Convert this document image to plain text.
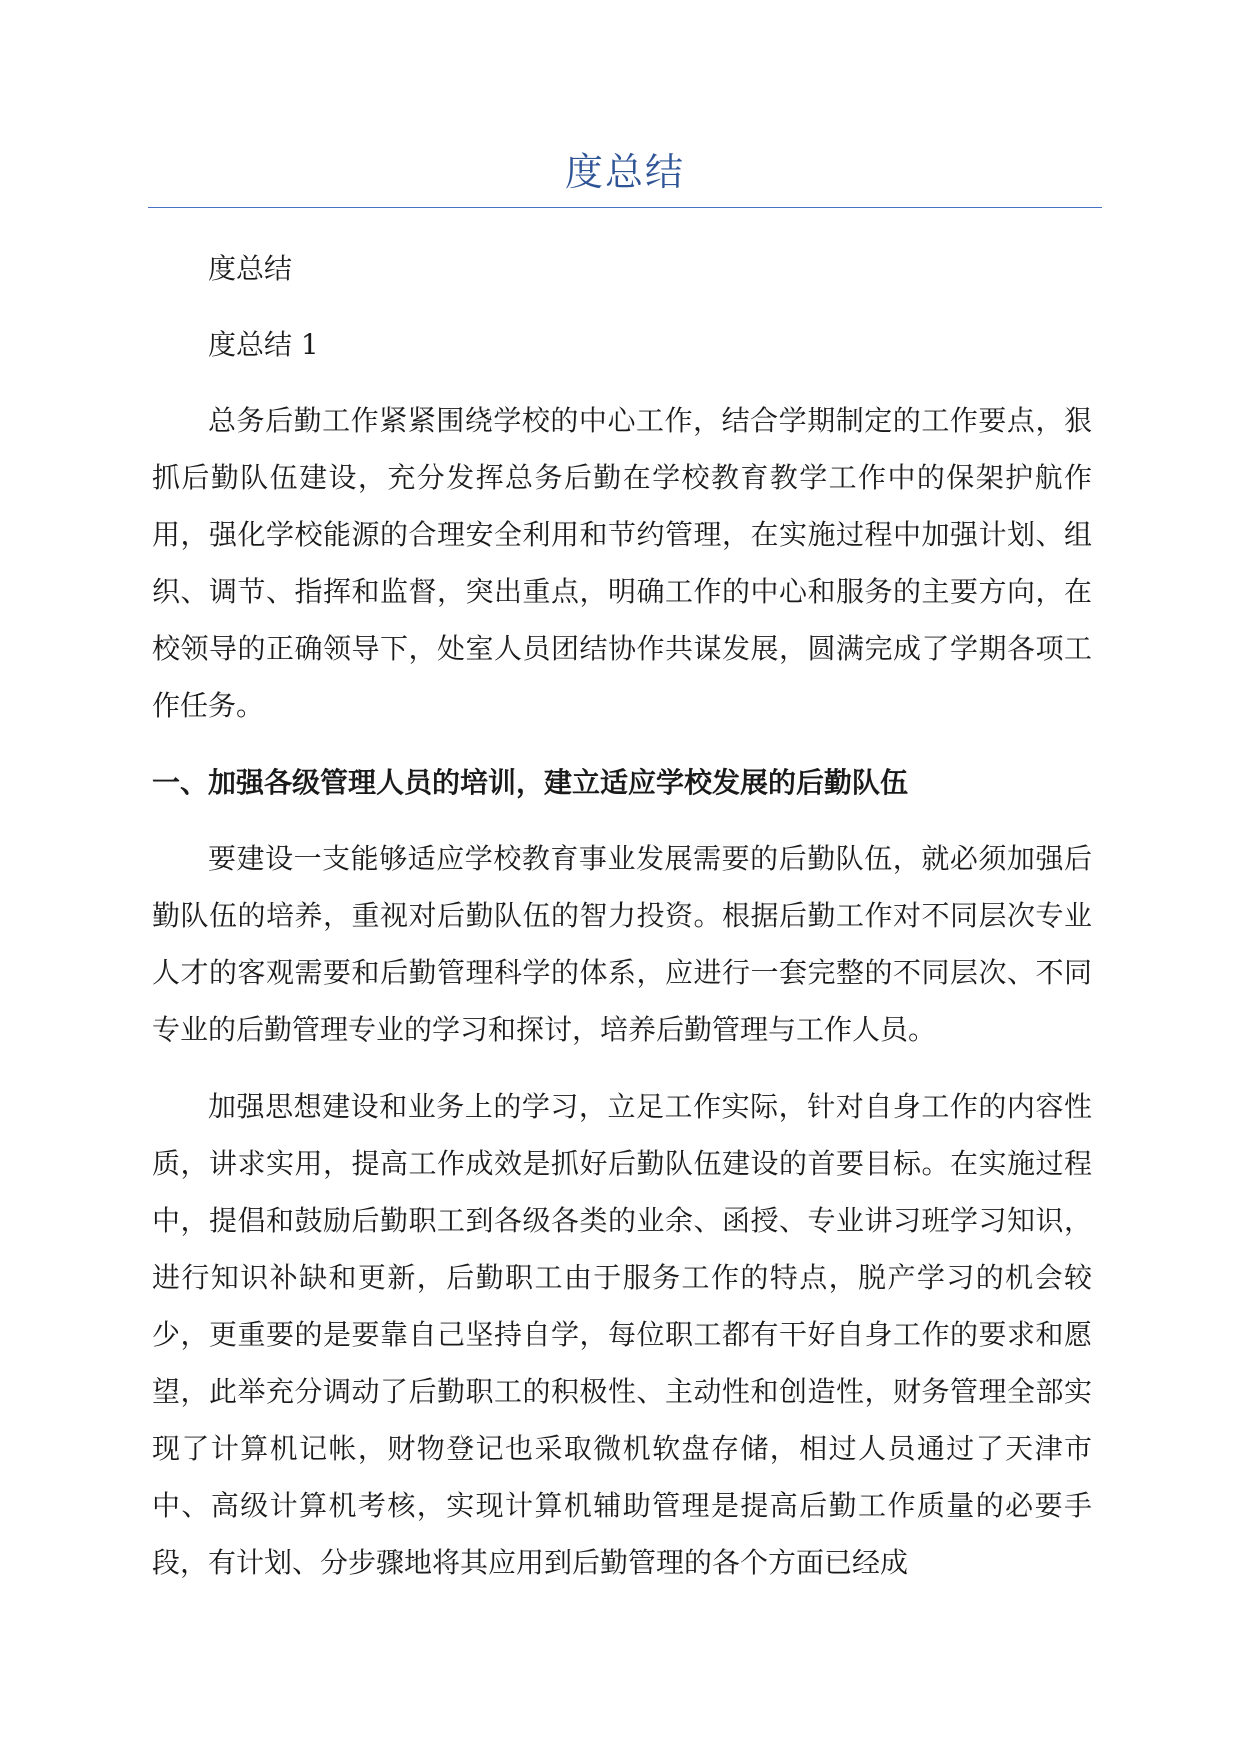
度总结

度总结

度总结 1

总务后勤工作紧紧围绕学校的中心工作，结合学期制定的工作要点，狠抓后勤队伍建设，充分发挥总务后勤在学校教育教学工作中的保架护航作用，强化学校能源的合理安全利用和节约管理，在实施过程中加强计划、组织、调节、指挥和监督，突出重点，明确工作的中心和服务的主要方向，在校领导的正确领导下，处室人员团结协作共谋发展，圆满完成了学期各项工作任务。

一、加强各级管理人员的培训，建立适应学校发展的后勤队伍

要建设一支能够适应学校教育事业发展需要的后勤队伍，就必须加强后勤队伍的培养，重视对后勤队伍的智力投资。根据后勤工作对不同层次专业人才的客观需要和后勤管理科学的体系，应进行一套完整的不同层次、不同专业的后勤管理专业的学习和探讨，培养后勤管理与工作人员。

加强思想建设和业务上的学习，立足工作实际，针对自身工作的内容性质，讲求实用，提高工作成效是抓好后勤队伍建设的首要目标。在实施过程中，提倡和鼓励后勤职工到各级各类的业余、函授、专业讲习班学习知识，进行知识补缺和更新，后勤职工由于服务工作的特点，脱产学习的机会较少，更重要的是要靠自己坚持自学，每位职工都有干好自身工作的要求和愿望，此举充分调动了后勤职工的积极性、主动性和创造性，财务管理全部实现了计算机记帐，财物登记也采取微机软盘存储，相过人员通过了天津市中、高级计算机考核，实现计算机辅助管理是提高后勤工作质量的必要手段，有计划、分步骤地将其应用到后勤管理的各个方面已经成
